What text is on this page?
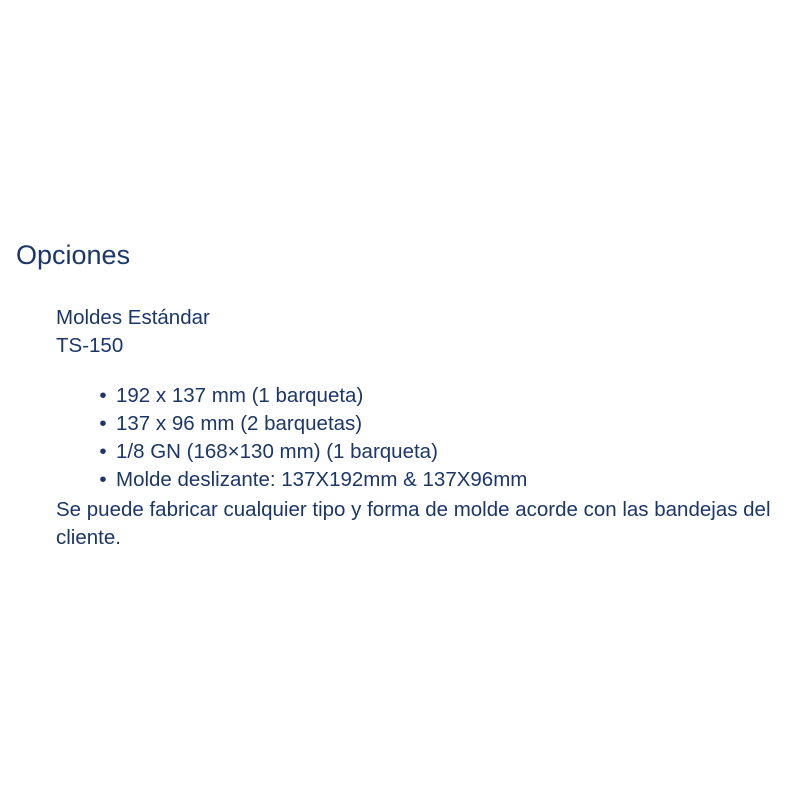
Opciones
Moldes Estándar
TS-150
• 192 x 137 mm (1 barqueta)
• 137 x 96 mm (2 barquetas)
• 1/8 GN (168×130 mm) (1 barqueta)
• Molde deslizante: 137X192mm & 137X96mm

Se puede fabricar cualquier tipo y forma de molde acorde con las bandejas del cliente.
